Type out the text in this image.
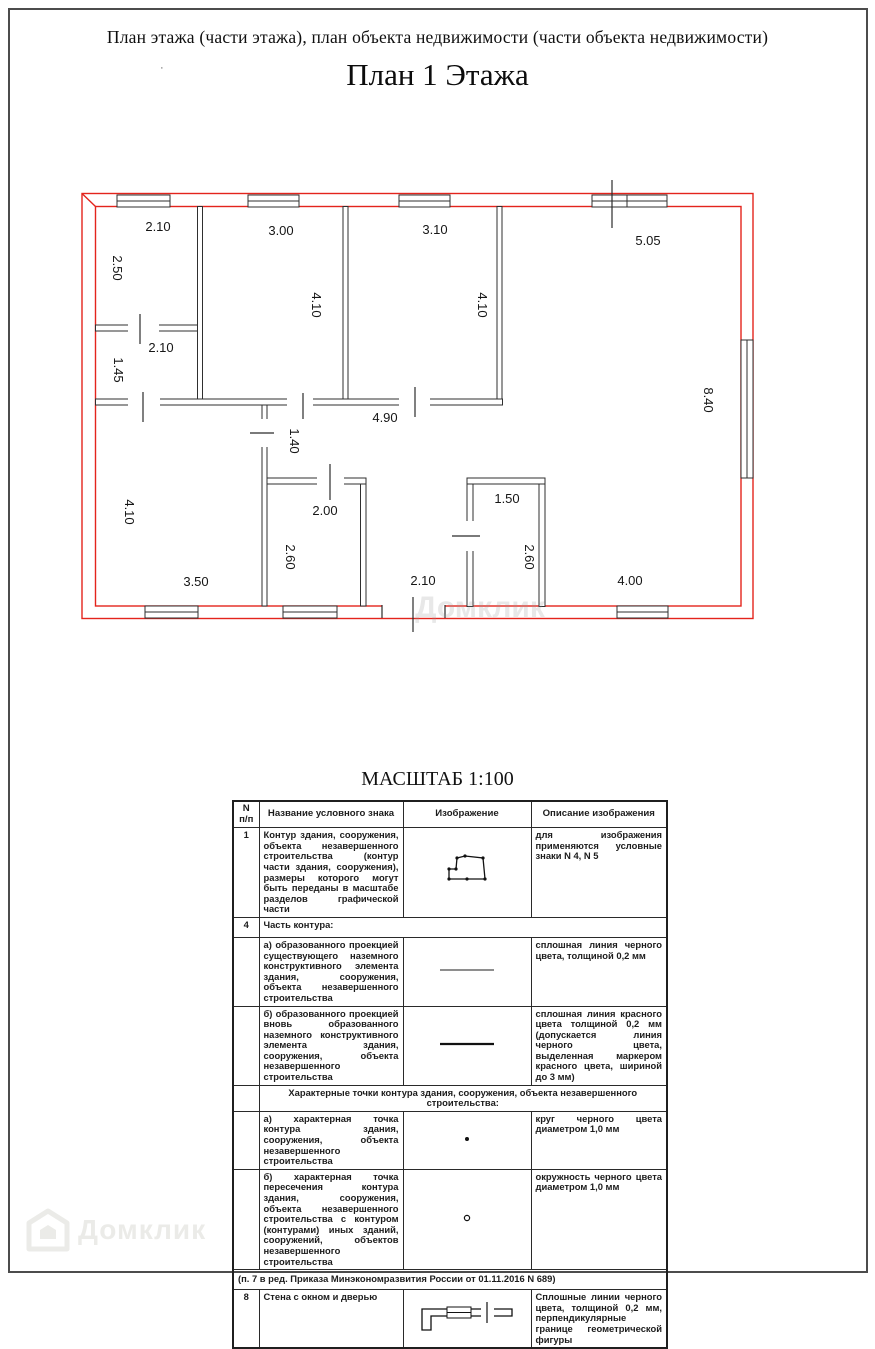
План этажа (части этажа), план объекта недвижимости (части объекта недвижимости)
План 1 Этажа
·
Домклик
2.10	3.00	3.10
5.05
2.50
4.10	4.10
2.10
1.45
4.90
1.40
8.40
4.10	2.00
2.60
1.50
2.60
3.50	2.10	4.00
МАСШТАБ 1:100
N п/п	Название условного знака	Изображение	Описание изображения
1	Контур здания, сооружения, объекта незавершенного строительства (контур части здания, сооружения), размеры которого могут быть переданы в масштабе разделов графической части		для изображения применяются условные знаки N 4, N 5
4	Часть контура:		
	а) образованного проекцией существующего наземного конструктивного элемента здания, сооружения, объекта незавершенного строительства		сплошная линия черного цвета, толщиной 0,2 мм
	б) образованного проекцией вновь образованного наземного конструктивного элемента здания, сооружения, объекта незавершенного строительства		сплошная линия красного цвета толщиной 0,2 мм (допускается линия черного цвета, выделенная маркером красного цвета, шириной до 3 мм)
	Характерные точки контура здания, сооружения, объекта незавершенного строительства:		
	а) характерная точка контура здания, сооружения, объекта незавершенного строительства		круг черного цвета диаметром 1,0 мм
	б) характерная точка пересечения контура здания, сооружения, объекта незавершенного строительства с контуром (контурами) иных зданий, сооружений, объектов незавершенного строительства		окружность черного цвета диаметром 1,0 мм
(п. 7 в ред. Приказа Минэкономразвития России от 01.11.2016 N 689)			
8	Стена с окном и дверью		Сплошные линии черного цвета, толщиной 0,2 мм, перпендикулярные границе геометрической фигуры
Домклик
